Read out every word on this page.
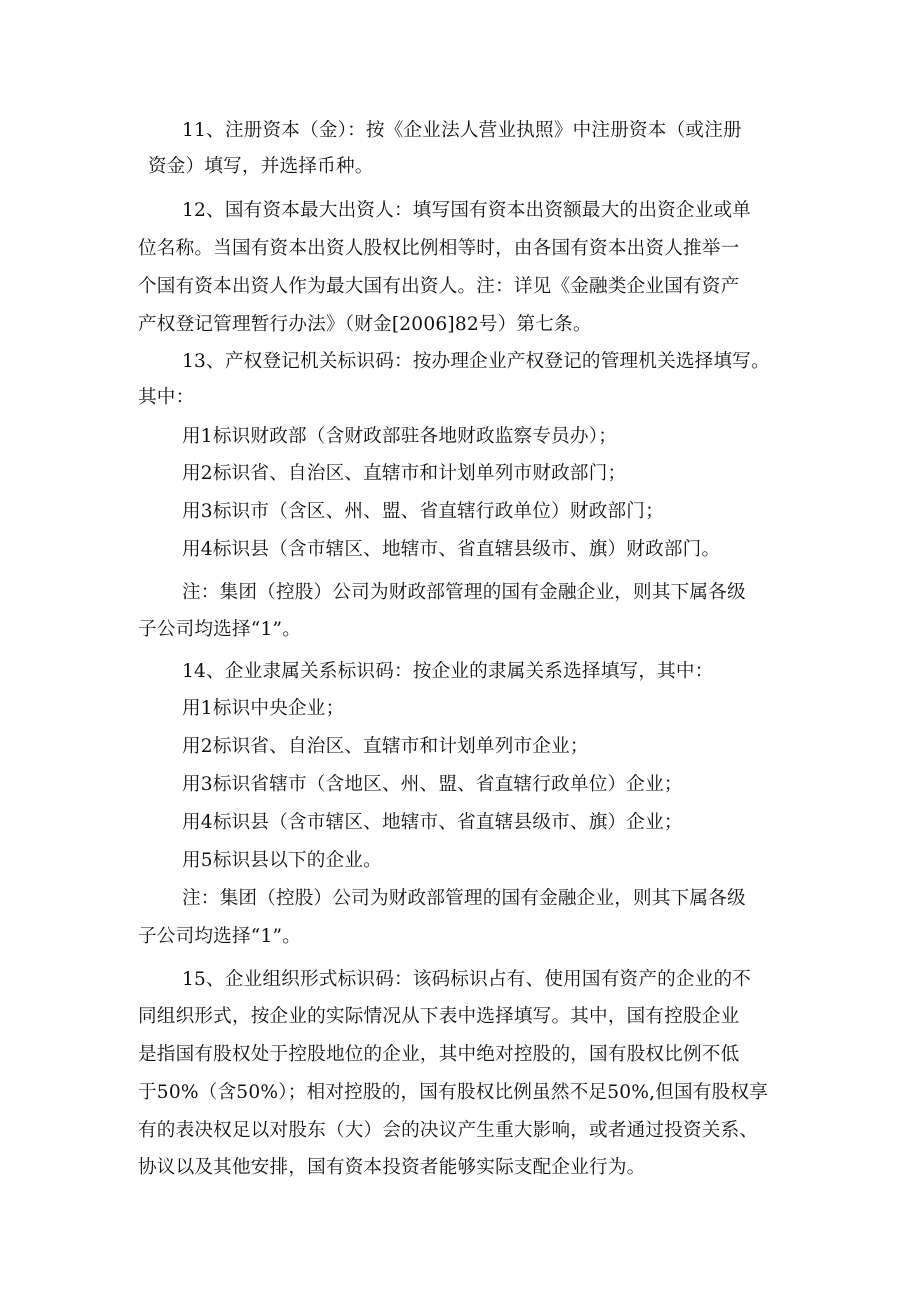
11、注册资本（金）：按《企业法人营业执照》中注册资本（或注册
资金）填写，并选择币种。
12、国有资本最大出资人：填写国有资本出资额最大的出资企业或单
位名称。当国有资本出资人股权比例相等时，由各国有资本出资人推举一
个国有资本出资人作为最大国有出资人。注：详见《金融类企业国有资产
产权登记管理暂行办法》（财金[2006]82号）第七条。
13、产权登记机关标识码：按办理企业产权登记的管理机关选择填写。
其中：
用1标识财政部（含财政部驻各地财政监察专员办）；
用2标识省、自治区、直辖市和计划单列市财政部门；
用3标识市（含区、州、盟、省直辖行政单位）财政部门；
用4标识县（含市辖区、地辖市、省直辖县级市、旗）财政部门。
注：集团（控股）公司为财政部管理的国有金融企业，则其下属各级
子公司均选择“1”。
14、企业隶属关系标识码：按企业的隶属关系选择填写，其中：
用1标识中央企业；
用2标识省、自治区、直辖市和计划单列市企业；
用3标识省辖市（含地区、州、盟、省直辖行政单位）企业；
用4标识县（含市辖区、地辖市、省直辖县级市、旗）企业；
用5标识县以下的企业。
注：集团（控股）公司为财政部管理的国有金融企业，则其下属各级
子公司均选择“1”。
15、企业组织形式标识码：该码标识占有、使用国有资产的企业的不
同组织形式，按企业的实际情况从下表中选择填写。其中，国有控股企业
是指国有股权处于控股地位的企业，其中绝对控股的，国有股权比例不低
于50%（含50%）；相对控股的，国有股权比例虽然不足50%,但国有股权享
有的表决权足以对股东（大）会的决议产生重大影响，或者通过投资关系、
协议以及其他安排，国有资本投资者能够实际支配企业行为。
